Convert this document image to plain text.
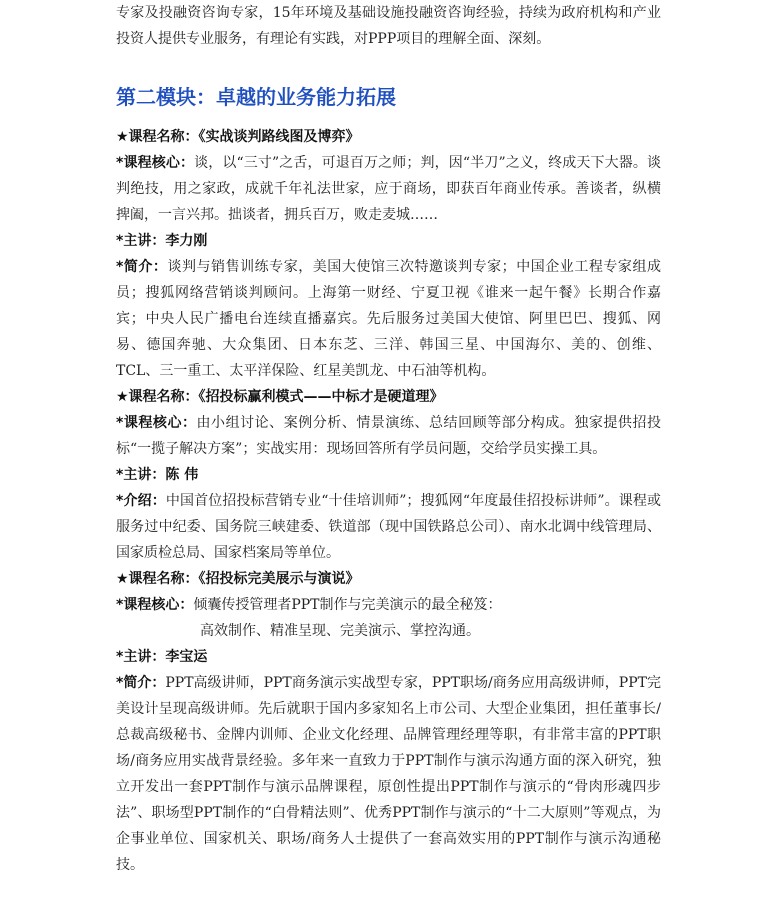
专家及投融资咨询专家，15年环境及基础设施投融资咨询经验，持续为政府机构和产业投资人提供专业服务，有理论有实践，对PPP项目的理解全面、深刻。

第二模块：卓越的业务能力拓展

★课程名称：《实战谈判路线图及博弈》

*课程核心：谈，以“三寸”之舌，可退百万之师；判，因“半刀”之义，终成天下大器。谈判绝技，用之家政，成就千年礼法世家，应于商场，即获百年商业传承。善谈者，纵横捭阖，一言兴邦。拙谈者，拥兵百万，败走麦城……

*主讲：李力刚

*简介：谈判与销售训练专家，美国大使馆三次特邀谈判专家；中国企业工程专家组成员；搜狐网络营销谈判顾问。上海第一财经、宁夏卫视《谁来一起午餐》长期合作嘉宾；中央人民广播电台连续直播嘉宾。先后服务过美国大使馆、阿里巴巴、搜狐、网易、德国奔驰、大众集团、日本东芝、三洋、韩国三星、中国海尔、美的、创维、TCL、三一重工、太平洋保险、红星美凯龙、中石油等机构。

★课程名称：《招投标赢利模式——中标才是硬道理》

*课程核心：由小组讨论、案例分析、情景演练、总结回顾等部分构成。独家提供招投标“一揽子解决方案”；实战实用：现场回答所有学员问题，交给学员实操工具。

*主讲：陈 伟

*介绍：中国首位招投标营销专业“十佳培训师”；搜狐网“年度最佳招投标讲师”。课程或服务过中纪委、国务院三峡建委、铁道部（现中国铁路总公司）、南水北调中线管理局、国家质检总局、国家档案局等单位。

★课程名称：《招投标完美展示与演说》

*课程核心：倾囊传授管理者PPT制作与完美演示的最全秘笈：

高效制作、精准呈现、完美演示、掌控沟通。

*主讲：李宝运

*简介：PPT高级讲师，PPT商务演示实战型专家，PPT职场/商务应用高级讲师，PPT完美设计呈现高级讲师。先后就职于国内多家知名上市公司、大型企业集团，担任董事长/总裁高级秘书、金牌内训师、企业文化经理、品牌管理经理等职，有非常丰富的PPT职场/商务应用实战背景经验。多年来一直致力于PPT制作与演示沟通方面的深入研究，独立开发出一套PPT制作与演示品牌课程，原创性提出PPT制作与演示的“骨肉形魂四步法”、职场型PPT制作的“白骨精法则”、优秀PPT制作与演示的“十二大原则”等观点，为企事业单位、国家机关、职场/商务人士提供了一套高效实用的PPT制作与演示沟通秘技。
